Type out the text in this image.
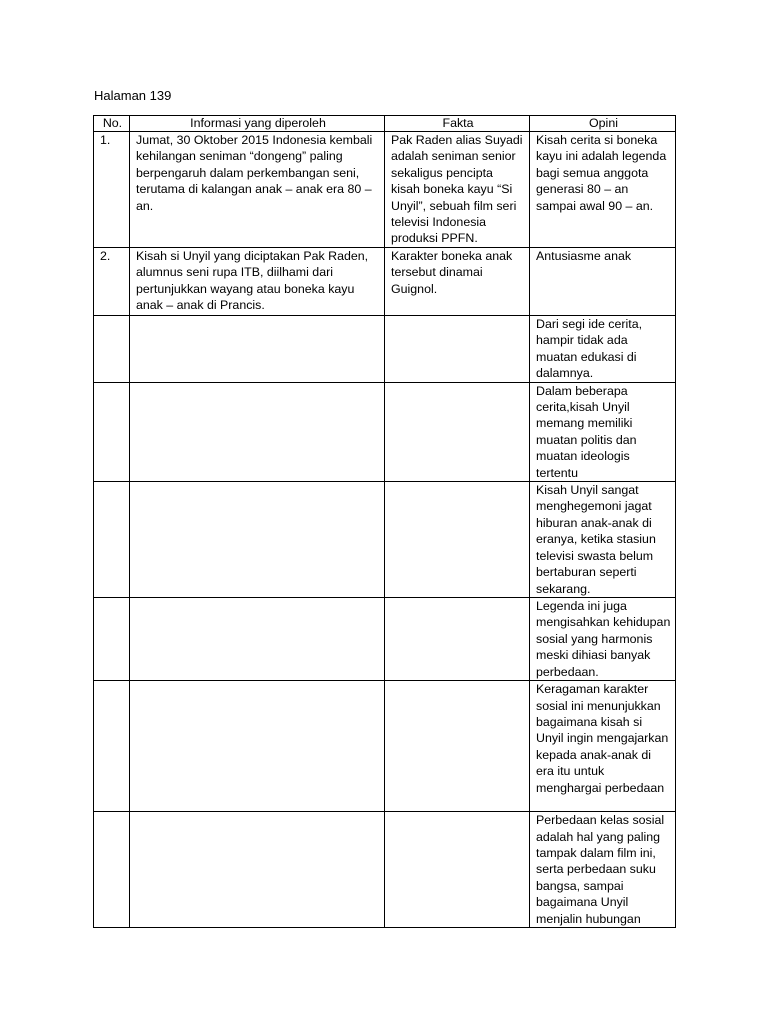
Halaman 139
No.	Informasi yang diperoleh	Fakta	Opini
1.	Jumat, 30 Oktober 2015 Indonesia kembali kehilangan seniman “dongeng” paling berpengaruh dalam perkembangan seni, terutama di kalangan anak – anak era 80 – an.	Pak Raden alias Suyadi adalah seniman senior sekaligus pencipta kisah boneka kayu “Si Unyil”, sebuah film seri televisi Indonesia produksi PPFN.	Kisah cerita si boneka kayu ini adalah legenda bagi semua anggota generasi 80 – an sampai awal 90 – an.
2.	Kisah si Unyil yang diciptakan Pak Raden, alumnus seni rupa ITB, diilhami dari pertunjukkan wayang atau boneka kayu anak – anak di Prancis.	Karakter boneka anak tersebut dinamai Guignol.	Antusiasme anak
			Dari segi ide cerita, hampir tidak ada muatan edukasi di dalamnya.
			Dalam beberapa cerita,kisah Unyil memang memiliki muatan politis dan muatan ideologis tertentu
			Kisah Unyil sangat menghegemoni jagat hiburan anak-anak di eranya, ketika stasiun televisi swasta belum bertaburan seperti sekarang.
			Legenda ini juga mengisahkan kehidupan sosial yang harmonis meski dihiasi banyak perbedaan.
			Keragaman karakter sosial ini menunjukkan bagaimana kisah si Unyil ingin mengajarkan kepada anak-anak di era itu untuk menghargai perbedaan
			Perbedaan kelas sosial adalah hal yang paling tampak dalam film ini, serta perbedaan suku bangsa, sampai bagaimana Unyil menjalin hubungan
